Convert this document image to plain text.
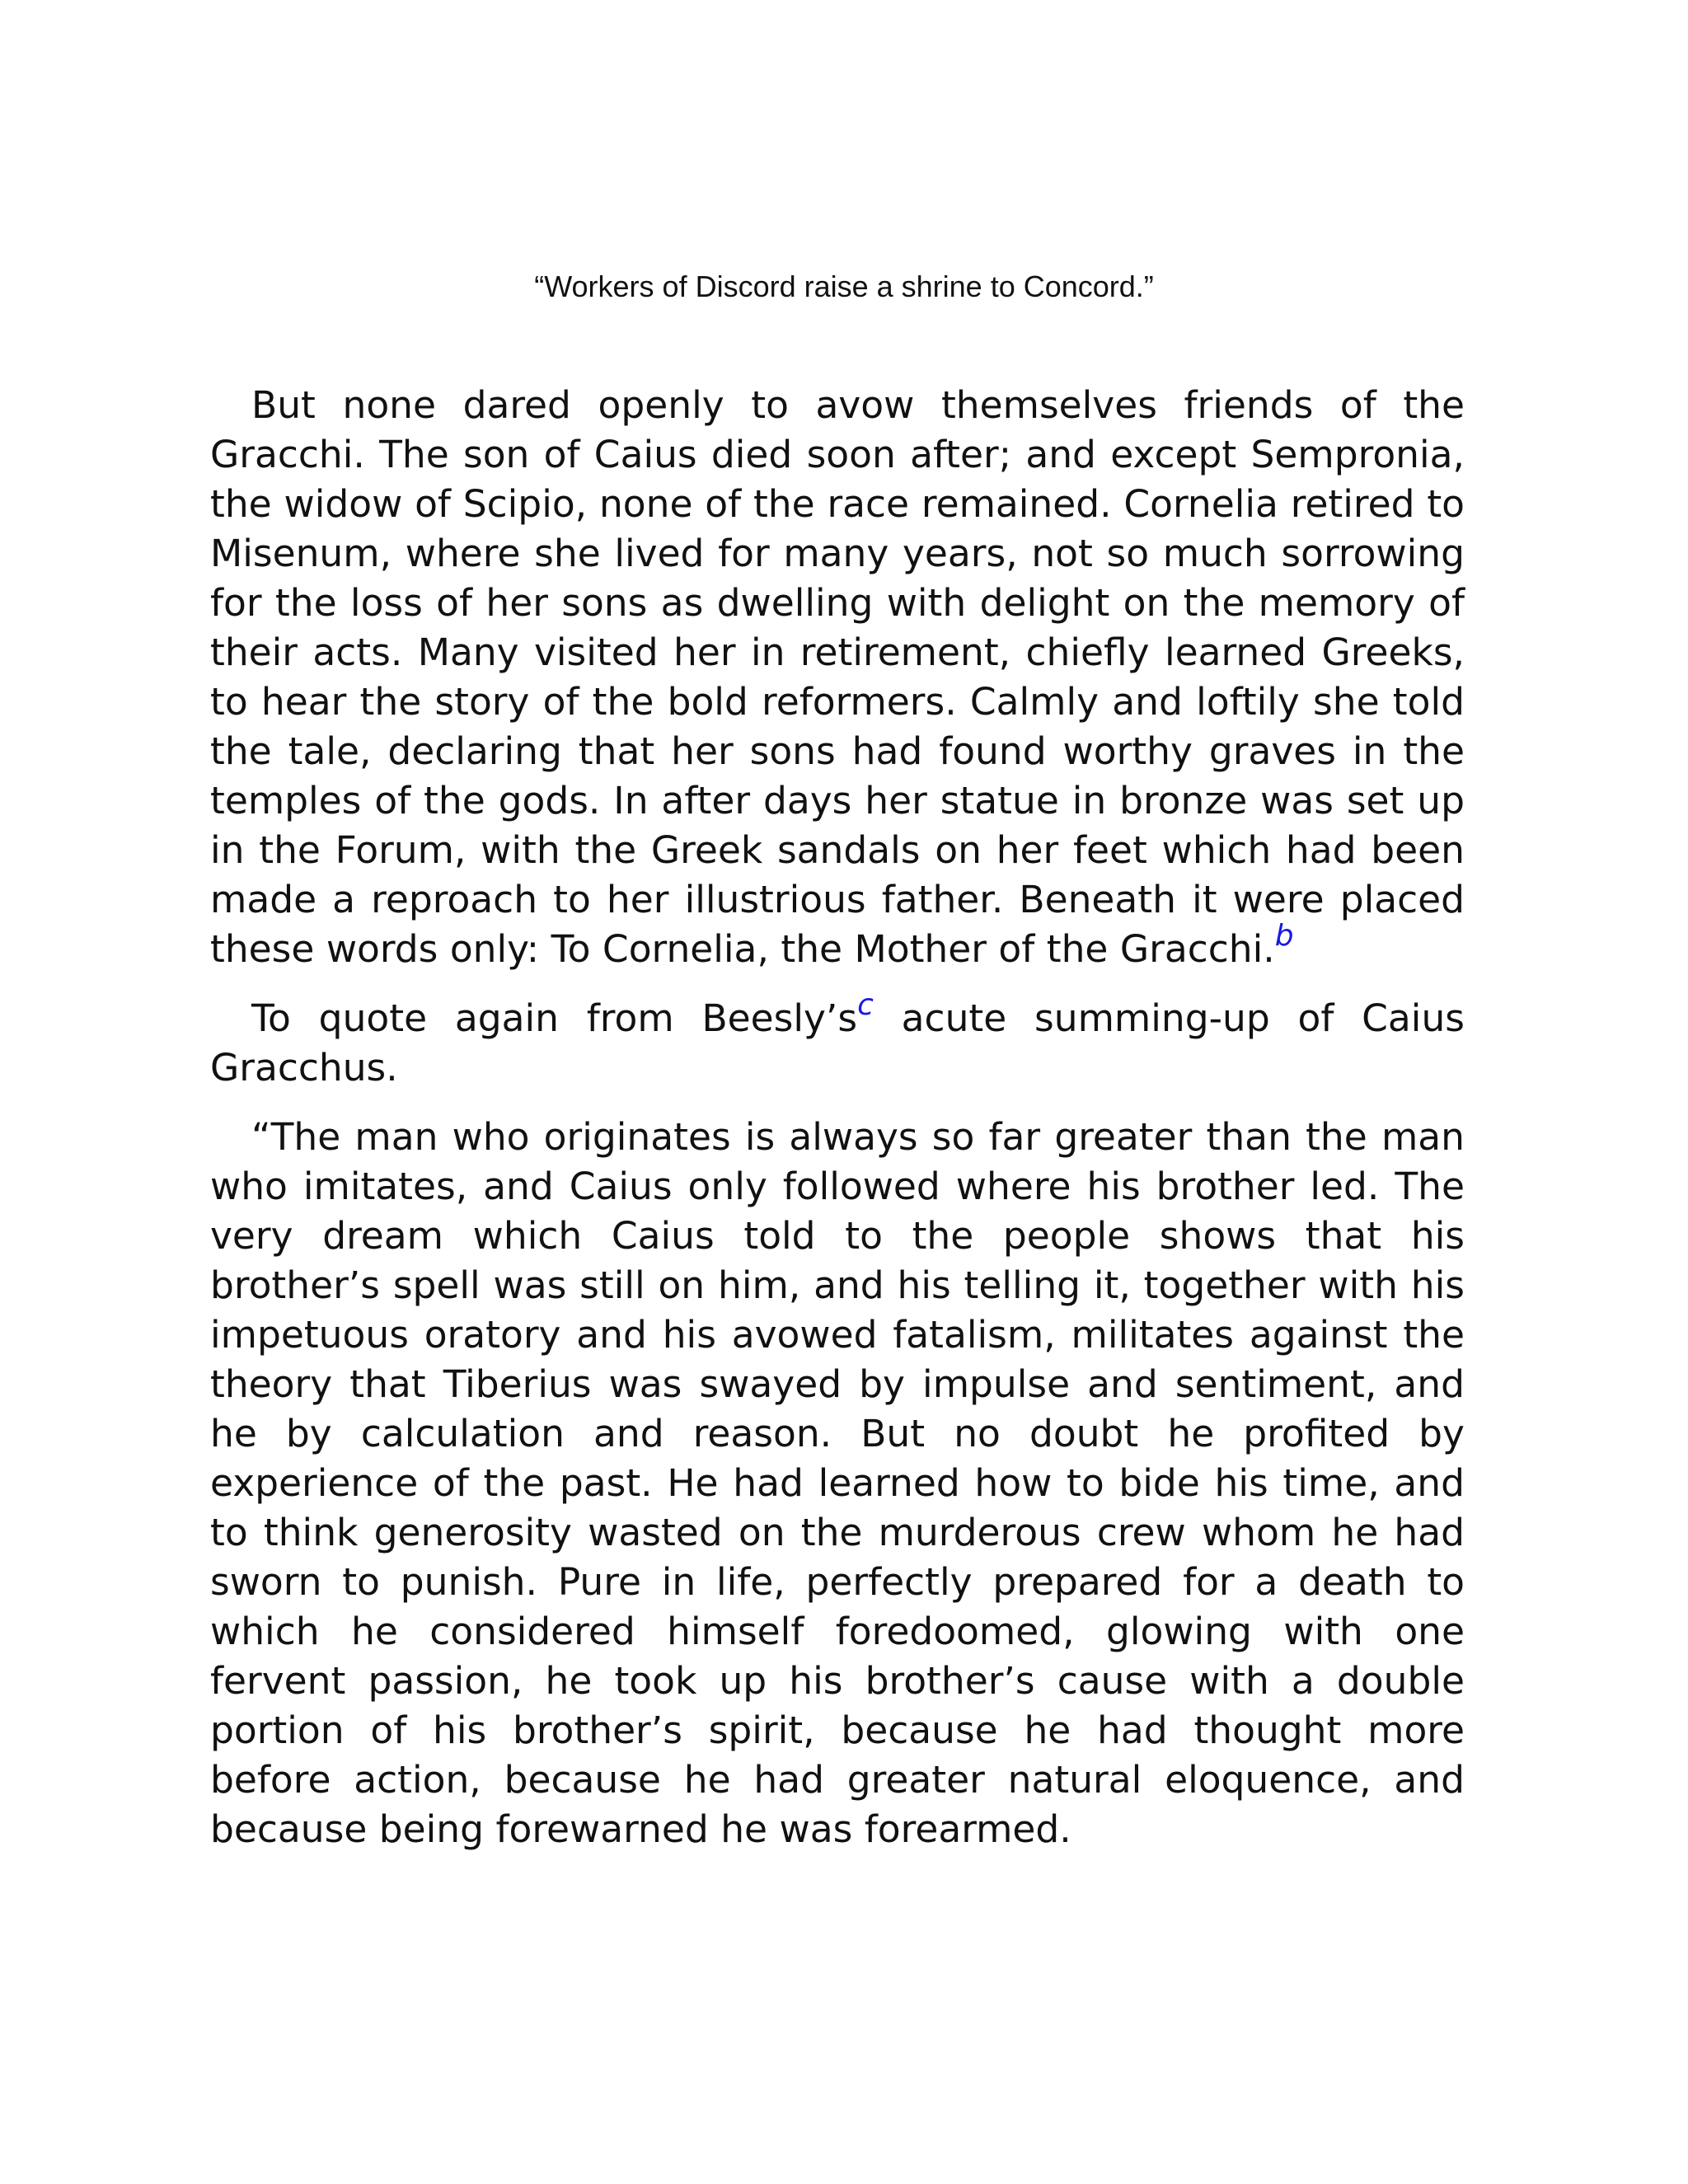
“Workers of Discord raise a shrine to Concord.”

But none dared openly to avow themselves friends of the Gracchi. The son of Caius died soon after; and except Sempronia, the widow of Scipio, none of the race remained. Cornelia retired to Misenum, where she lived for many years, not so much sorrowing for the loss of her sons as dwelling with delight on the memory of their acts. Many visited her in retirement, chiefly learned Greeks, to hear the story of the bold reformers. Calmly and loftily she told the tale, declaring that her sons had found worthy graves in the temples of the gods. In after days her statue in bronze was set up in the Forum, with the Greek sandals on her feet which had been made a reproach to her illustrious father. Beneath it were placed these words only: To Cornelia, the Mother of the Gracchi.$^b$

To quote again from Beesly’s$^c$ acute summing-up of Caius Gracchus.

“The man who originates is always so far greater than the man who imitates, and Caius only followed where his brother led. The very dream which Caius told to the people shows that his brother’s spell was still on him, and his telling it, together with his impetuous oratory and his avowed fatalism, militates against the theory that Tiberius was swayed by impulse and sentiment, and he by calculation and reason. But no doubt he profited by experience of the past. He had learned how to bide his time, and to think generosity wasted on the murderous crew whom he had sworn to punish. Pure in life, perfectly prepared for a death to which he considered himself foredoomed, glowing with one fervent passion, he took up his brother’s cause with a double portion of his brother’s spirit, because he had thought more before action, because he had greater natural eloquence, and because being forewarned he was forearmed.
